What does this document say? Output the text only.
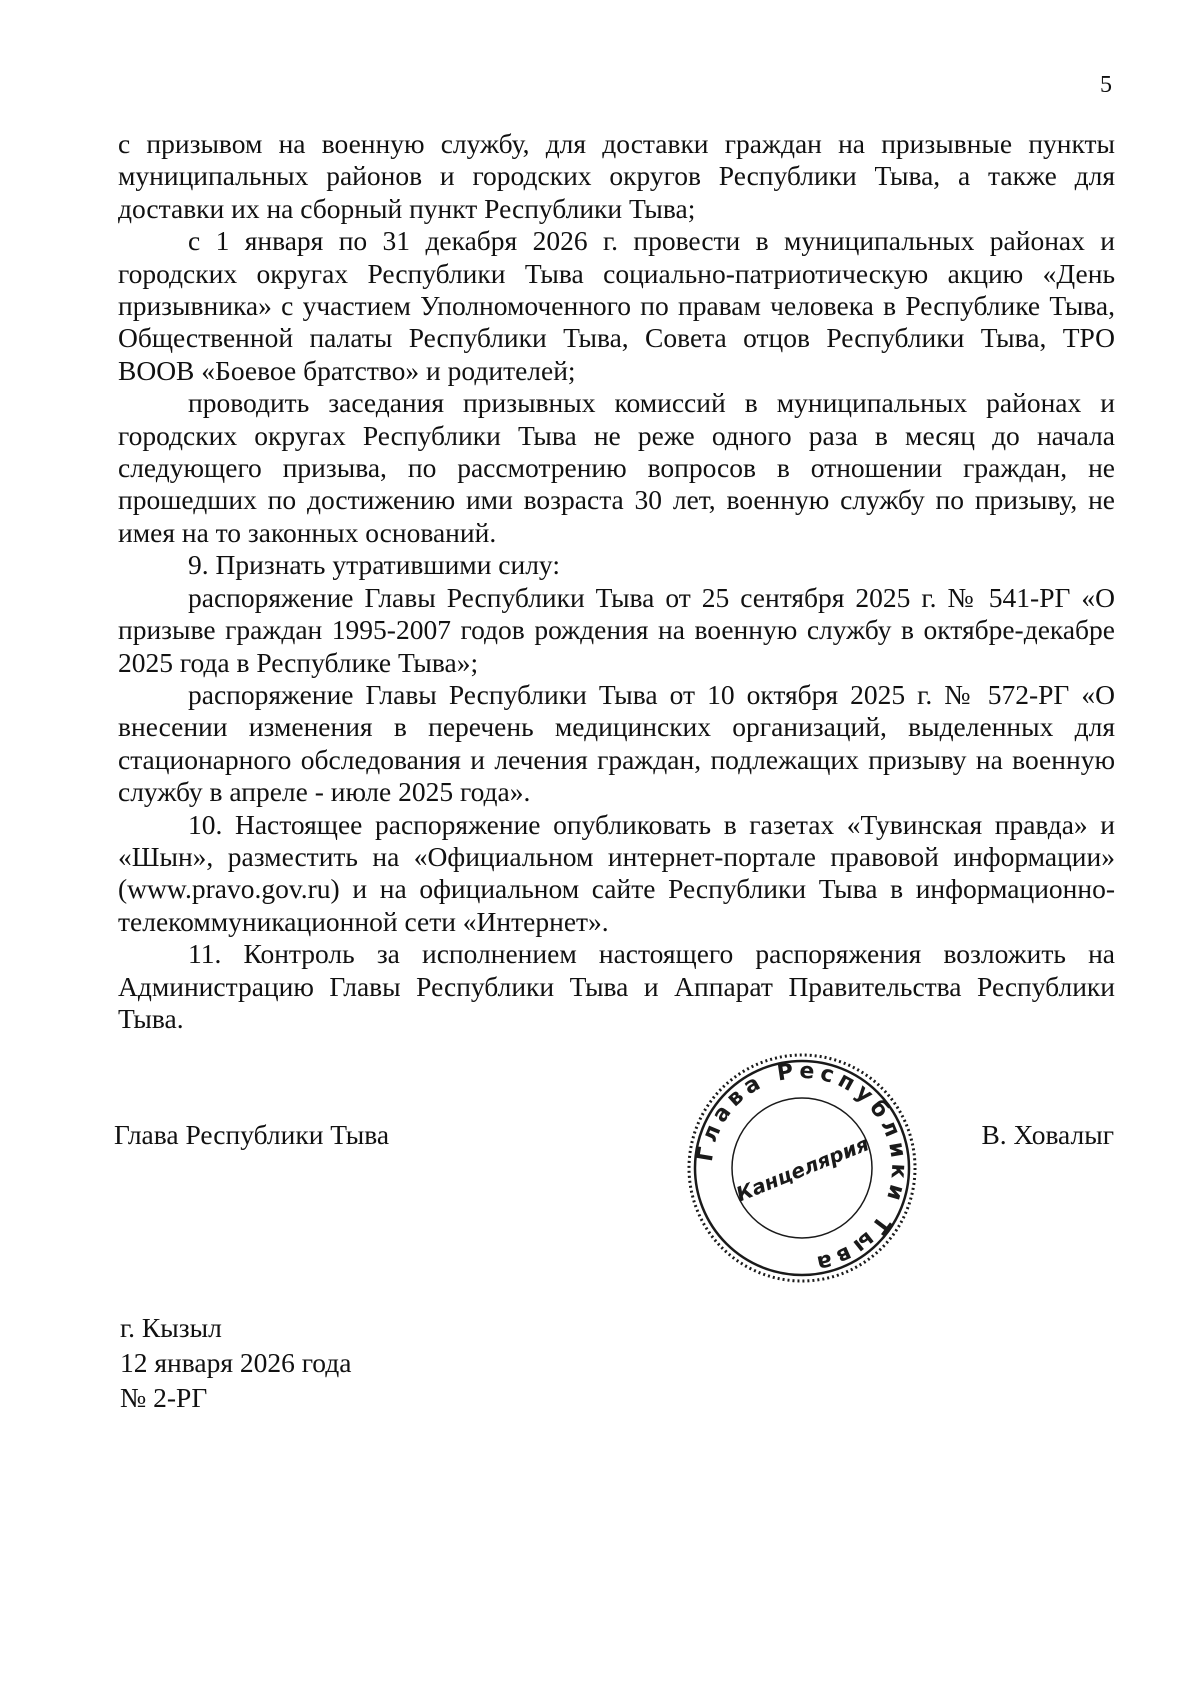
5

с призывом на военную службу, для доставки граждан на призывные пункты муниципальных районов и городских округов Республики Тыва, а также для доставки их на сборный пункт Республики Тыва;

с 1 января по 31 декабря 2026 г. провести в муниципальных районах и городских округах Республики Тыва социально-патриотическую акцию «День призывника» с участием Уполномоченного по правам человека в Республике Тыва, Общественной палаты Республики Тыва, Совета отцов Республики Тыва, ТРО ВООВ «Боевое братство» и родителей;

проводить заседания призывных комиссий в муниципальных районах и городских округах Республики Тыва не реже одного раза в месяц до начала следующего призыва, по рассмотрению вопросов в отношении граждан, не прошедших по достижению ими возраста 30 лет, военную службу по призыву, не имея на то законных оснований.

9. Признать утратившими силу:

распоряжение Главы Республики Тыва от 25 сентября 2025 г. № 541-РГ «О призыве граждан 1995-2007 годов рождения на военную службу в октябре-декабре 2025 года в Республике Тыва»;

распоряжение Главы Республики Тыва от 10 октября 2025 г. № 572-РГ «О внесении изменения в перечень медицинских организаций, выделенных для стационарного обследования и лечения граждан, подлежащих призыву на военную службу в апреле - июле 2025 года».

10. Настоящее распоряжение опубликовать в газетах «Тувинская правда» и «Шын», разместить на «Официальном интернет-портале правовой информации» (www.pravo.gov.ru) и на официальном сайте Республики Тыва в информационно-телекоммуникационной сети «Интернет».

11. Контроль за исполнением настоящего распоряжения возложить на Администрацию Главы Республики Тыва и Аппарат Правительства Республики Тыва.

Глава Республики Тыва
Глава Республики Тыва
Канцелярия	В. Ховалыг
г. Кызыл
12 января 2026 года
№ 2-РГ
